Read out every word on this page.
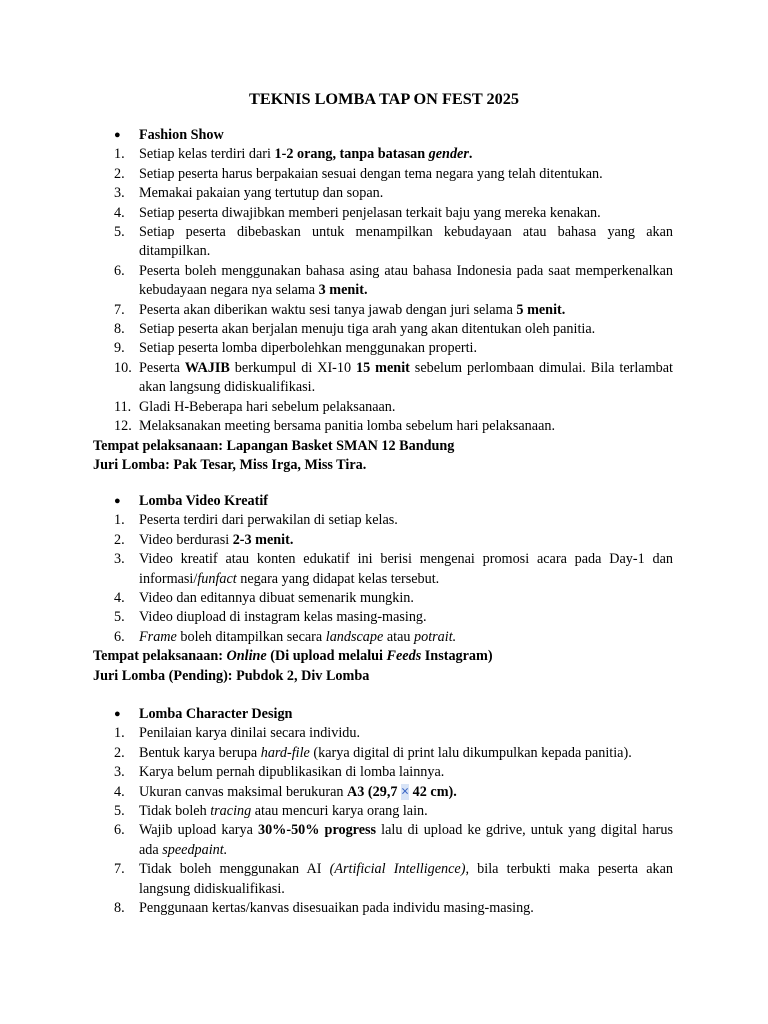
TEKNIS LOMBA TAP ON FEST 2025
● Fashion Show
1. Setiap kelas terdiri dari 1-2 orang, tanpa batasan gender.
2. Setiap peserta harus berpakaian sesuai dengan tema negara yang telah ditentukan.
3. Memakai pakaian yang tertutup dan sopan.
4. Setiap peserta diwajibkan memberi penjelasan terkait baju yang mereka kenakan.
5. Setiap peserta dibebaskan untuk menampilkan kebudayaan atau bahasa yang akan ditampilkan.
6. Peserta boleh menggunakan bahasa asing atau bahasa Indonesia pada saat memperkenalkan kebudayaan negara nya selama 3 menit.
7. Peserta akan diberikan waktu sesi tanya jawab dengan juri selama 5 menit.
8. Setiap peserta akan berjalan menuju tiga arah yang akan ditentukan oleh panitia.
9. Setiap peserta lomba diperbolehkan menggunakan properti.
10. Peserta WAJIB berkumpul di XI-10 15 menit sebelum perlombaan dimulai. Bila terlambat akan langsung didiskualifikasi.
11. Gladi H-Beberapa hari sebelum pelaksanaan.
12. Melaksanakan meeting bersama panitia lomba sebelum hari pelaksanaan.
Tempat pelaksanaan: Lapangan Basket SMAN 12 Bandung
Juri Lomba: Pak Tesar, Miss Irga, Miss Tira.
● Lomba Video Kreatif
1. Peserta terdiri dari perwakilan di setiap kelas.
2. Video berdurasi 2-3 menit.
3. Video kreatif atau konten edukatif ini berisi mengenai promosi acara pada Day-1 dan informasi/funfact negara yang didapat kelas tersebut.
4. Video dan editannya dibuat semenarik mungkin.
5. Video diupload di instagram kelas masing-masing.
6. Frame boleh ditampilkan secara landscape atau potrait.
Tempat pelaksanaan: Online (Di upload melalui Feeds Instagram)
Juri Lomba (Pending): Pubdok 2, Div Lomba
● Lomba Character Design
1. Penilaian karya dinilai secara individu.
2. Bentuk karya berupa hard-file (karya digital di print lalu dikumpulkan kepada panitia).
3. Karya belum pernah dipublikasikan di lomba lainnya.
4. Ukuran canvas maksimal berukuran A3 (29,7 × 42 cm).
5. Tidak boleh tracing atau mencuri karya orang lain.
6. Wajib upload karya 30%-50% progress lalu di upload ke gdrive, untuk yang digital harus ada speedpaint.
7. Tidak boleh menggunakan AI (Artificial Intelligence), bila terbukti maka peserta akan langsung didiskualifikasi.
8. Penggunaan kertas/kanvas disesuaikan pada individu masing-masing.
